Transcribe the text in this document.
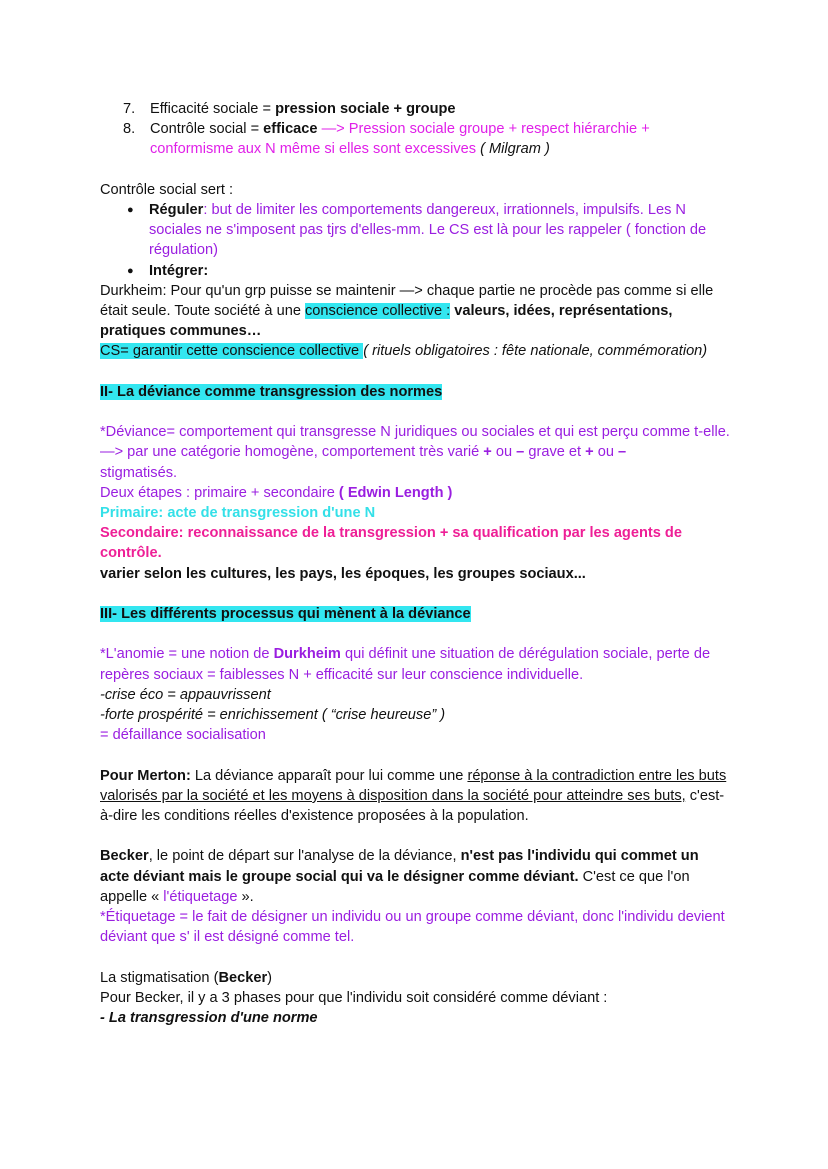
7.	Efficacité sociale = pression sociale + groupe
8.	Contrôle social = efficace —> Pression sociale groupe + respect hiérarchie + conformisme aux N même si elles sont excessives ( Milgram )

Contrôle social sert :

●	Réguler: but de limiter les comportements dangereux, irrationnels, impulsifs. Les N sociales ne s'imposent pas tjrs d'elles-mm. Le CS est là pour les rappeler ( fonction de régulation)
●	Intégrer:

Durkheim: Pour qu'un grp puisse se maintenir —> chaque partie ne procède pas comme si elle était seule. Toute société à une conscience collective : valeurs, idées, représentations, pratiques communes…

CS= garantir cette conscience collective ( rituels obligatoires : fête nationale, commémoration)

II- La déviance comme transgression des normes

*Déviance= comportement qui transgresse N juridiques ou sociales et qui est perçu comme t-elle.

—> par une catégorie homogène, comportement très varié + ou – grave et + ou –

stigmatisés.

Deux étapes : primaire + secondaire ( Edwin Length )

Primaire: acte de transgression d'une N

Secondaire: reconnaissance de la transgression + sa qualification par les agents de contrôle.

varier selon les cultures, les pays, les époques, les groupes sociaux...

III- Les différents processus qui mènent à la déviance

*L'anomie = une notion de Durkheim qui définit une situation de dérégulation sociale, perte de repères sociaux = faiblesses N + efficacité sur leur conscience individuelle.

-crise éco = appauvrissent

-forte prospérité = enrichissement ( “crise heureuse” )

= défaillance socialisation

Pour Merton: La déviance apparaît pour lui comme une réponse à la contradiction entre les buts valorisés par la société et les moyens à disposition dans la société pour atteindre ses buts, c'est-à-dire les conditions réelles d'existence proposées à la population.

Becker, le point de départ sur l'analyse de la déviance, n'est pas l'individu qui commet un acte déviant mais le groupe social qui va le désigner comme déviant. C'est ce que l'on appelle « l'étiquetage ».

*Étiquetage = le fait de désigner un individu ou un groupe comme déviant, donc l'individu devient déviant que s' il est désigné comme tel.

La stigmatisation (Becker)

Pour Becker, il y a 3 phases pour que l'individu soit considéré comme déviant :

- La transgression d'une norme
